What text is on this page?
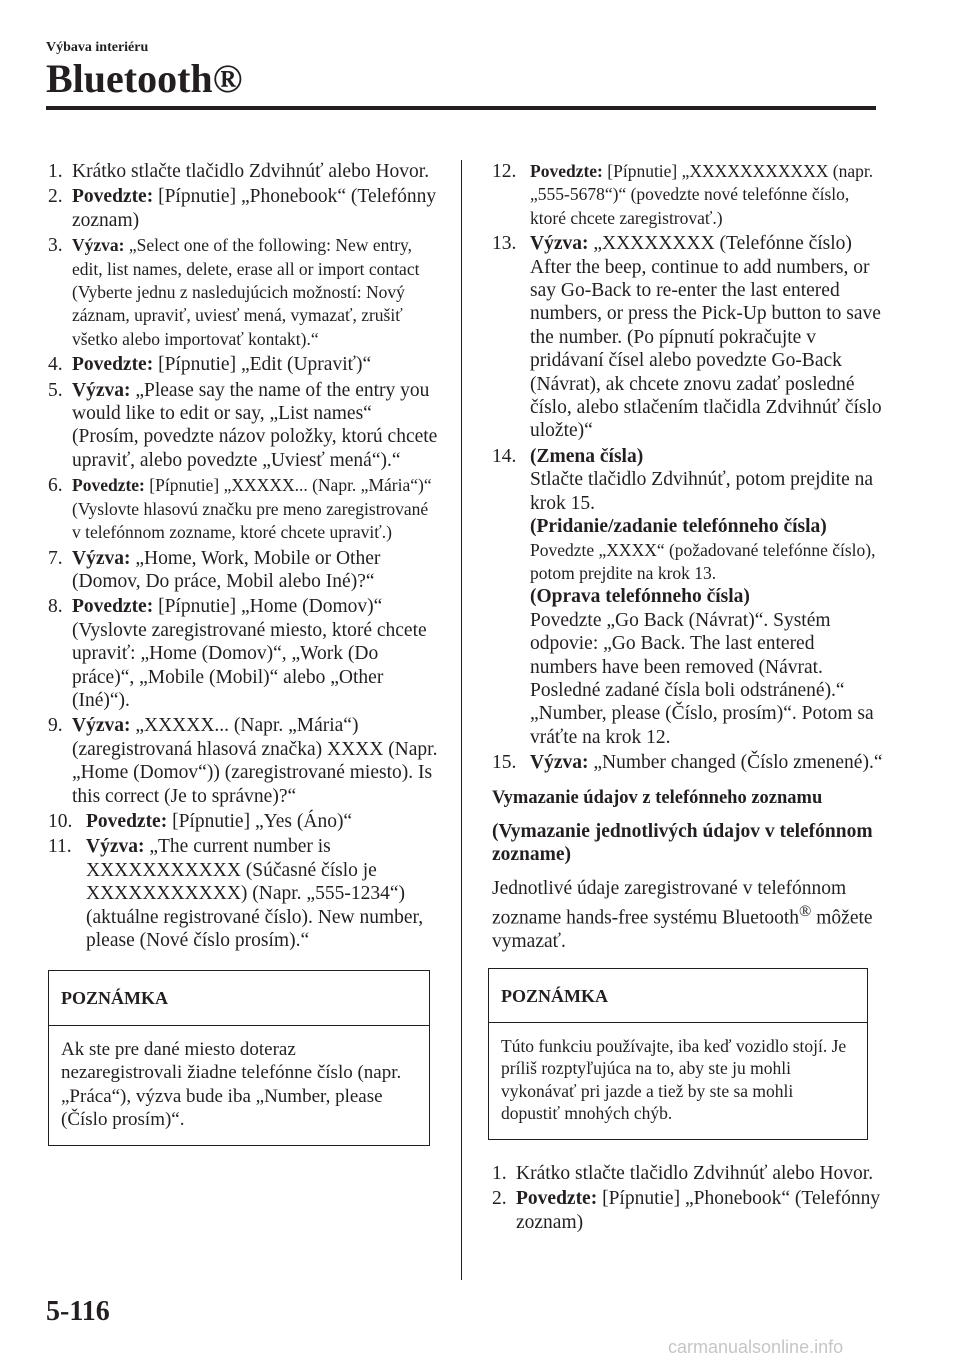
Výbava interiéru
Bluetooth®
1. Krátko stlačte tlačidlo Zdvihnúť alebo Hovor.
2. Povedzte: [Pípnutie] „Phonebook“ (Telefónny zoznam)
3. Výzva: „Select one of the following: New entry, edit, list names, delete, erase all or import contact (Vyberte jednu z nasledujúcich možností: Nový záznam, upraviť, uviesť mená, vymazať, zrušiť všetko alebo importovať kontakt).“
4. Povedzte: [Pípnutie] „Edit (Upraviť)“
5. Výzva: „Please say the name of the entry you would like to edit or say, „List names“ (Prosím, povedzte názov položky, ktorú chcete upraviť, alebo povedzte „Uviesť mená“).“
6. Povedzte: [Pípnutie] „XXXXX... (Napr. „Mária“)“ (Vyslovte hlasovú značku pre meno zaregistrované v telefónnom zozname, ktoré chcete upraviť.)
7. Výzva: „Home, Work, Mobile or Other (Domov, Do práce, Mobil alebo Iné)?“
8. Povedzte: [Pípnutie] „Home (Domov)“ (Vyslovte zaregistrované miesto, ktoré chcete upraviť: „Home (Domov)“, „Work (Do práce)“, „Mobile (Mobil)“ alebo „Other (Iné)“).
9. Výzva: „XXXXX... (Napr. „Mária“) (zaregistrovaná hlasová značka) XXXX (Napr. „Home (Domov“)) (zaregistrované miesto). Is this correct (Je to správne)?“
10. Povedzte: [Pípnutie] „Yes (Áno)“
11. Výzva: „The current number is XXXXXXXXXXX (Súčasné číslo je XXXXXXXXXXX) (Napr. „555-1234“) (aktuálne registrované číslo). New number, please (Nové číslo prosím).“
POZNÁMKA
Ak ste pre dané miesto doteraz nezaregistrovali žiadne telefónne číslo (napr. „Práca“), výzva bude iba „Number, please (Číslo prosím)“.
12. Povedzte: [Pípnutie] „XXXXXXXXXXX (napr. „555-5678“)“ (povedzte nové telefónne číslo, ktoré chcete zaregistrovať.)
13. Výzva: „XXXXXXXX (Telefónne číslo) After the beep, continue to add numbers, or say Go-Back to re-enter the last entered numbers, or press the Pick-Up button to save the number. (Po pípnutí pokračujte v pridávaní čísel alebo povedzte Go-Back (Návrat), ak chcete znovu zadať posledné číslo, alebo stlačením tlačidla Zdvihnúť číslo uložte)“
14. (Zmena čísla)
Stlačte tlačidlo Zdvihnúť, potom prejdite na krok 15.
(Pridanie/zadanie telefónneho čísla)
Povedzte „XXXX“ (požadované telefónne číslo), potom prejdite na krok 13.
(Oprava telefónneho čísla)
Povedzte „Go Back (Návrat)“. Systém odpovie: „Go Back. The last entered numbers have been removed (Návrat. Posledné zadané čísla boli odstránené).“ „Number, please (Číslo, prosím)“. Potom sa vráťte na krok 12.
15. Výzva: „Number changed (Číslo zmenené).“
Vymazanie údajov z telefónneho zoznamu
(Vymazanie jednotlivých údajov v telefónnom zozname)
Jednotlivé údaje zaregistrované v telefónnom zozname hands-free systému Bluetooth® môžete vymazať.
POZNÁMKA
Túto funkciu používajte, iba keď vozidlo stojí. Je príliš rozptyľujúca na to, aby ste ju mohli vykonávať pri jazde a tiež by ste sa mohli dopustiť mnohých chýb.
1. Krátko stlačte tlačidlo Zdvihnúť alebo Hovor.
2. Povedzte: [Pípnutie] „Phonebook“ (Telefónny zoznam)
5-116
carmanualsonline.info
